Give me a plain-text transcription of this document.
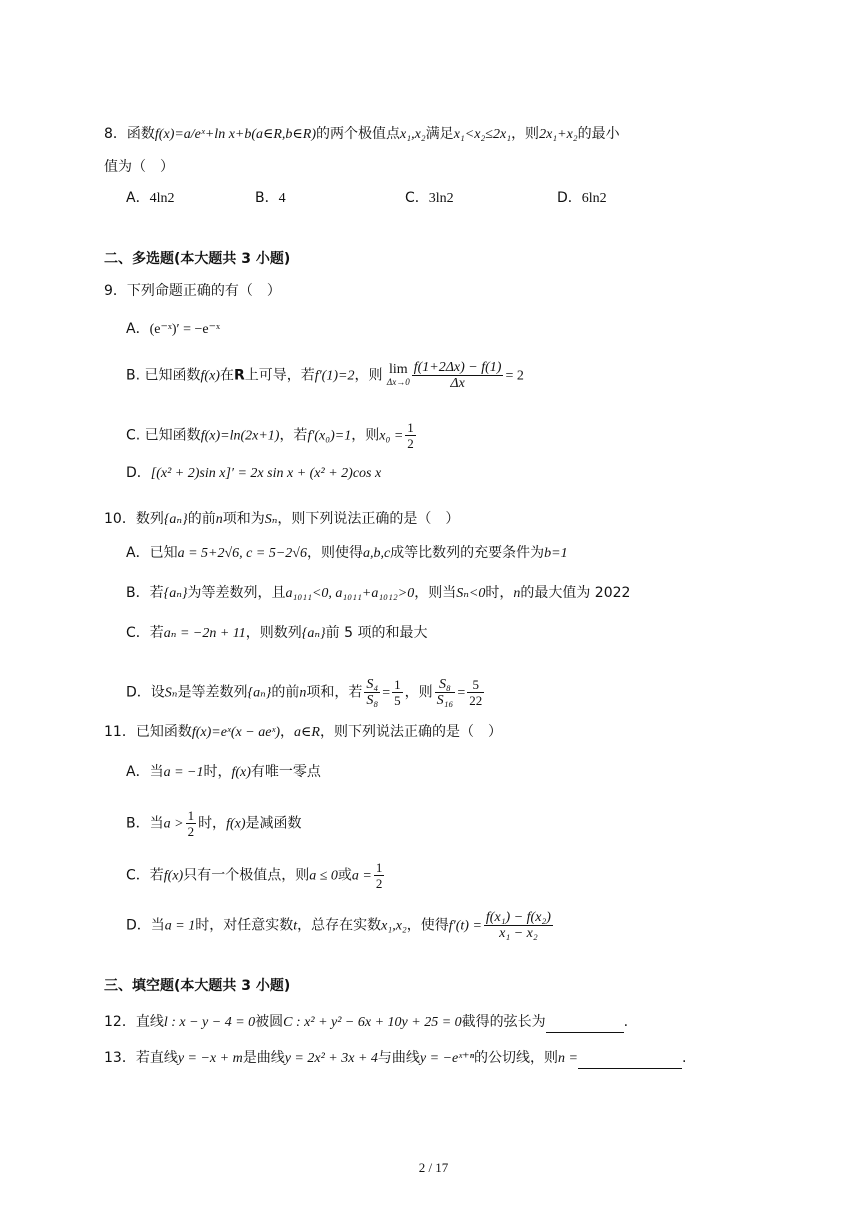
8．函数f(x)=a/eˣ+ln x+b(a∈R,b∈R)的两个极值点x₁,x₂满足x₁<x₂≤2x₁，则2x₁+x₂的最小
值为（　）
A．4ln2	B．4	C．3ln2	D．6ln2
二、多选题(本大题共 3 小题)
9．下列命题正确的有（　）
A．(e⁻ˣ)′ = −e⁻ˣ
B. 已知函数f(x)在R上可导，若f′(1)=2，则 lim
$\Delta x\to 0 \frac{f(1+2\Delta x) - f(1)}{\Delta x} = 2$
C. 已知函数f(x)=ln(2x+1)，若f′(x₀)=1，则$x_0 = \frac{1}{2}$
D．[(x² + 2)sin x]′ = 2x sin x + (x² + 2)cos x
10．数列{aₙ}的前n项和为Sₙ，则下列说法正确的是（　）
A．已知a = 5+2√6, c = 5−2√6，则使得a,b,c成等比数列的充要条件为b=1
B．若{aₙ}为等差数列，且a₁₀₁₁<0, a₁₀₁₁+a₁₀₁₂>0，则当Sₙ<0时，n的最大值为 2022
C．若aₙ = −2n + 11，则数列{aₙ}前 5 项的和最大
D．设Sₙ是等差数列{aₙ}的前n项和，若 $\frac{\text{S₄}}{\text{S₈}} = \frac{1}{5}$ ，则 $\frac{\text{S₈}}{\text{S₁₆}} = \frac{5}{22}$
11．已知函数f(x)=eˣ(x − aeˣ)，a∈R，则下列说法正确的是（　）
A．当a = −1时，f(x)有唯一零点
B．当$a > \frac{1}{2}$ 时，f(x)是减函数
C．若f(x)只有一个极值点，则a ≤ 0或$a = \frac{1}{2}$
D．当a = 1时，对任意实数t，总存在实数x₁,x₂，使得$f'(t) = \frac{\text{f(x₁) − f(x₂)}}{\text{x₁ − x₂}}$
三、填空题(本大题共 3 小题)
12．直线l : x − y − 4 = 0被圆C : x² + y² − 6x + 10y + 25 = 0截得的弦长为	.
13．若直线y = −x + m是曲线y = 2x² + 3x + 4与曲线y = −eˣ⁺ⁿ的公切线，则n =	.
2 / 17
